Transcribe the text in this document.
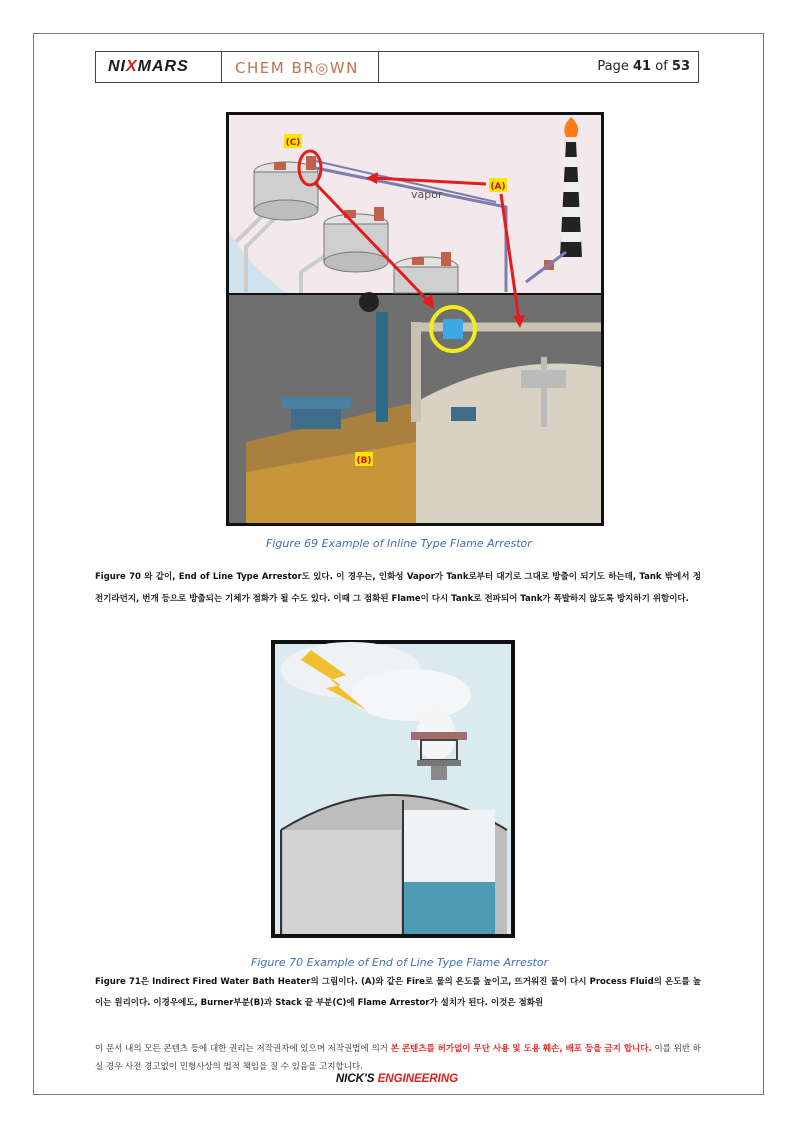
NIXMARS	CHEM BR◎WN	Page 41 of 53
(C)
(A)
vapor
(B)
Figure 69 Example of Inline Type Flame Arrestor
Figure 70 와 같이, End of Line Type Arrestor도 있다. 이 경우는, 인화성 Vapor가 Tank로부터 대기로 그대로 방출이 되기도 하는데, Tank 밖에서 정전기라던지, 번개 등으로 방출되는 기체가 점화가 될 수도 있다. 이때 그 점화된 Flame이 다시 Tank로 전파되어 Tank가 폭발하지 않도록 방지하기 위함이다.
Figure 70 Example of End of Line Type Flame Arrestor
Figure 71은 Indirect Fired Water Bath Heater의 그림이다. (A)와 같은 Fire로 물의 온도를 높이고, 뜨거워진 물이 다시 Process Fluid의 온도를 높이는 원리이다. 이경우에도, Burner부분(B)과 Stack 끝 부분(C)에 Flame Arrestor가 설치가 된다. 이것은 점화원
이 문서 내의 모든 콘텐츠 등에 대한 권리는 저작권자에 있으며 저작권법에 의거 본 콘텐츠를 허가없이 무단 사용 및 도용 훼손, 배포 등을 금지 합니다. 이를 위반 하실 경우 사전 경고없이 민형사상의 법적 책임을 질 수 있음을 고지합니다.
NICK'S ENGINEERING
